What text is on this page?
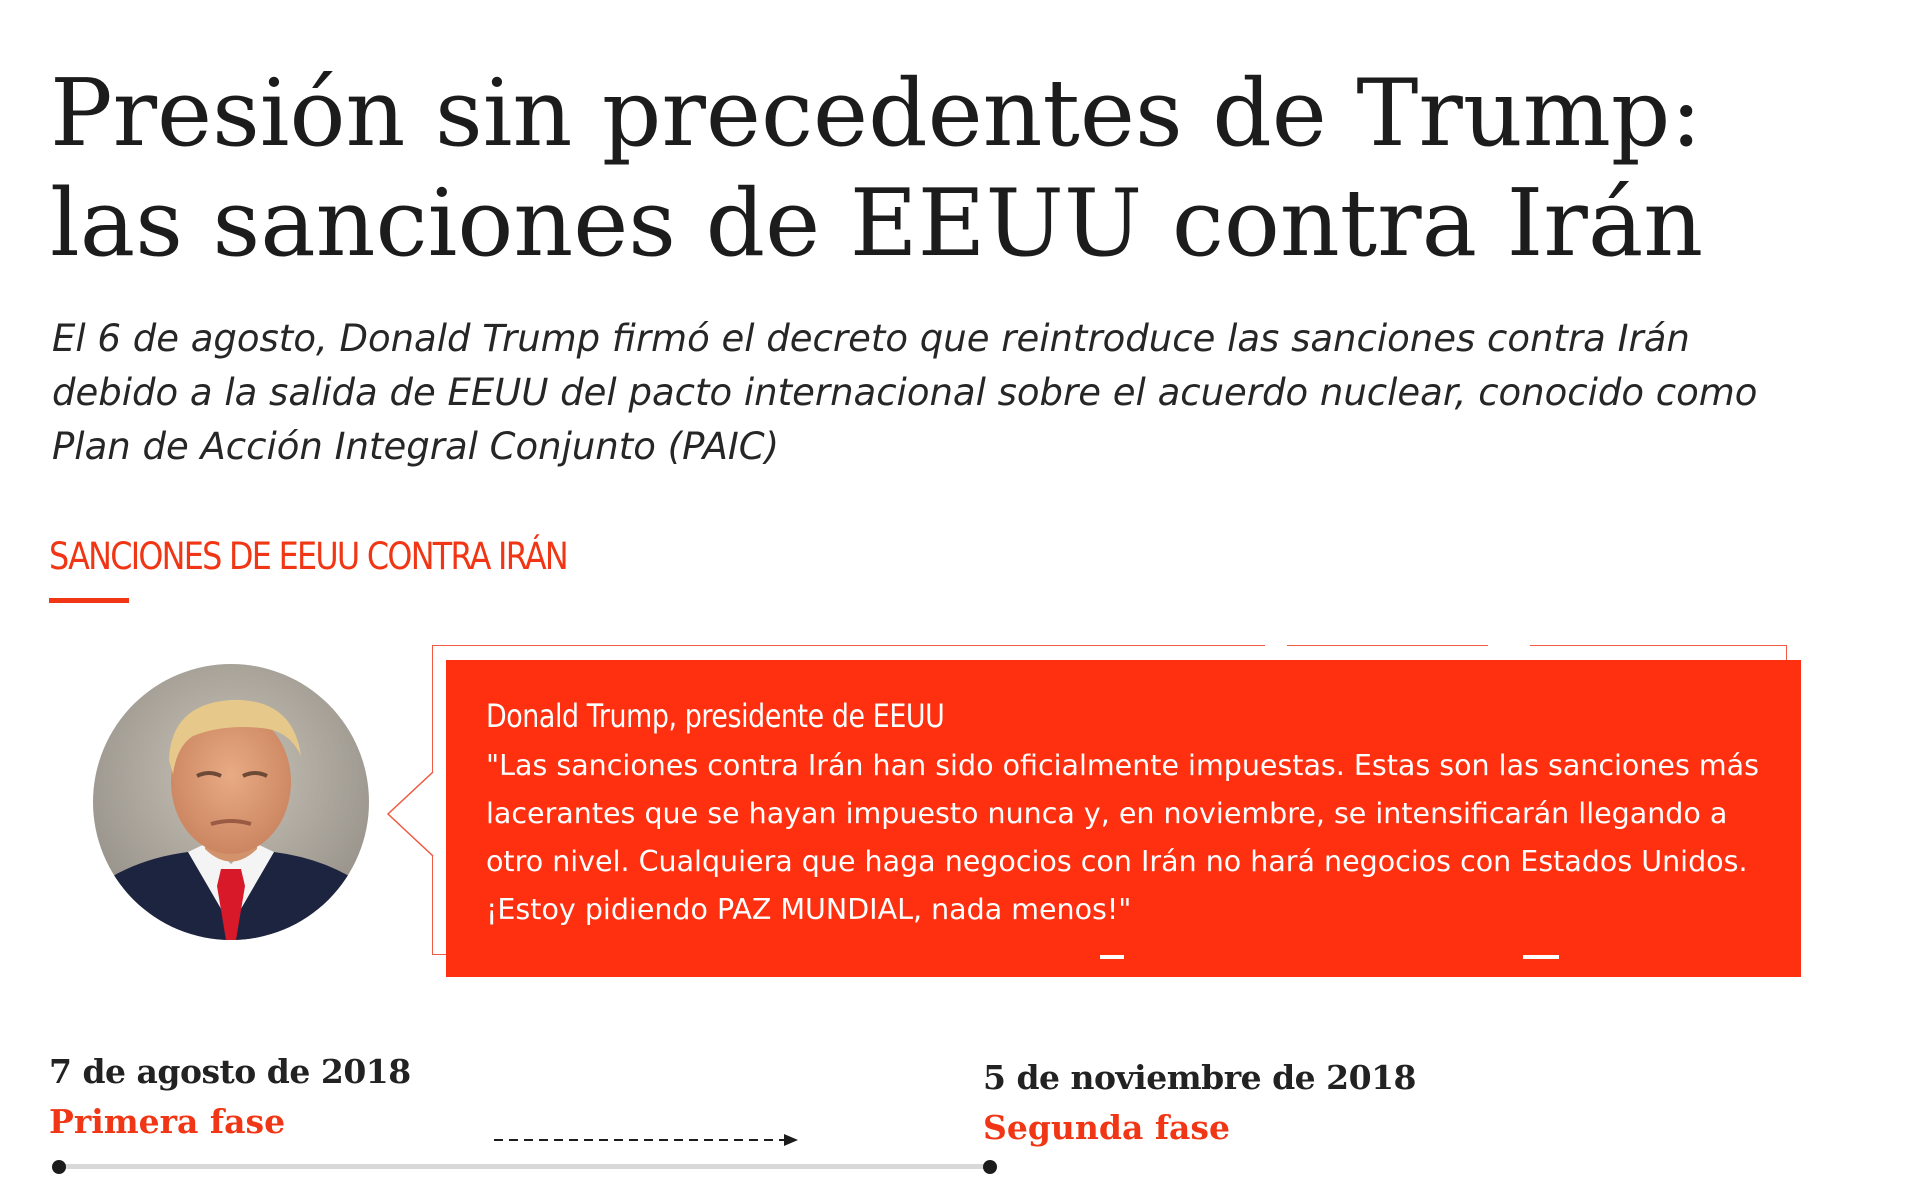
Presión sin precedentes de Trump:
las sanciones de EEUU contra Irán

El 6 de agosto, Donald Trump firmó el decreto que reintroduce las sanciones contra Irán
debido a la salida de EEUU del pacto internacional sobre el acuerdo nuclear, conocido como
Plan de Acción Integral Conjunto (PAIC)

SANCIONES DE EEUU CONTRA IRÁN
Donald Trump, presidente de EEUU
"Las sanciones contra Irán han sido oficialmente impuestas. Estas son las sanciones más
lacerantes que se hayan impuesto nunca y, en noviembre, se intensificarán llegando a
otro nivel. Cualquiera que haga negocios con Irán no hará negocios con Estados Unidos.
¡Estoy pidiendo PAZ MUNDIAL, nada menos!"
7 de agosto de 2018
Primera fase
5 de noviembre de 2018
Segunda fase
